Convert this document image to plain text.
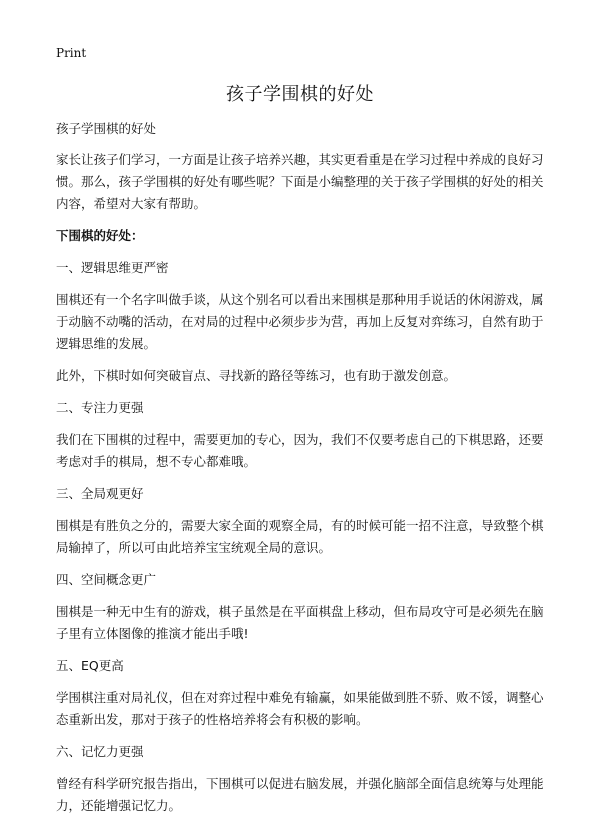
Print
孩子学围棋的好处

孩子学围棋的好处

家长让孩子们学习，一方面是让孩子培养兴趣，其实更看重是在学习过程中养成的良好习惯。那么，孩子学围棋的好处有哪些呢？下面是小编整理的关于孩子学围棋的好处的相关内容，希望对大家有帮助。

下围棋的好处：

一、逻辑思维更严密

围棋还有一个名字叫做手谈，从这个别名可以看出来围棋是那种用手说话的休闲游戏，属于动脑不动嘴的活动，在对局的过程中必须步步为营，再加上反复对弈练习，自然有助于逻辑思维的发展。

此外，下棋时如何突破盲点、寻找新的路径等练习，也有助于激发创意。

二、专注力更强

我们在下围棋的过程中，需要更加的专心，因为，我们不仅要考虑自己的下棋思路，还要考虑对手的棋局，想不专心都难哦。

三、全局观更好

围棋是有胜负之分的，需要大家全面的观察全局，有的时候可能一招不注意，导致整个棋局输掉了，所以可由此培养宝宝统观全局的意识。

四、空间概念更广

围棋是一种无中生有的游戏，棋子虽然是在平面棋盘上移动，但布局攻守可是必须先在脑子里有立体图像的推演才能出手哦!

五、EQ更高

学围棋注重对局礼仪，但在对弈过程中难免有输赢，如果能做到胜不骄、败不馁，调整心态重新出发，那对于孩子的性格培养将会有积极的影响。

六、记忆力更强

曾经有科学研究报告指出，下围棋可以促进右脑发展，并强化脑部全面信息统筹与处理能力，还能增强记忆力。
